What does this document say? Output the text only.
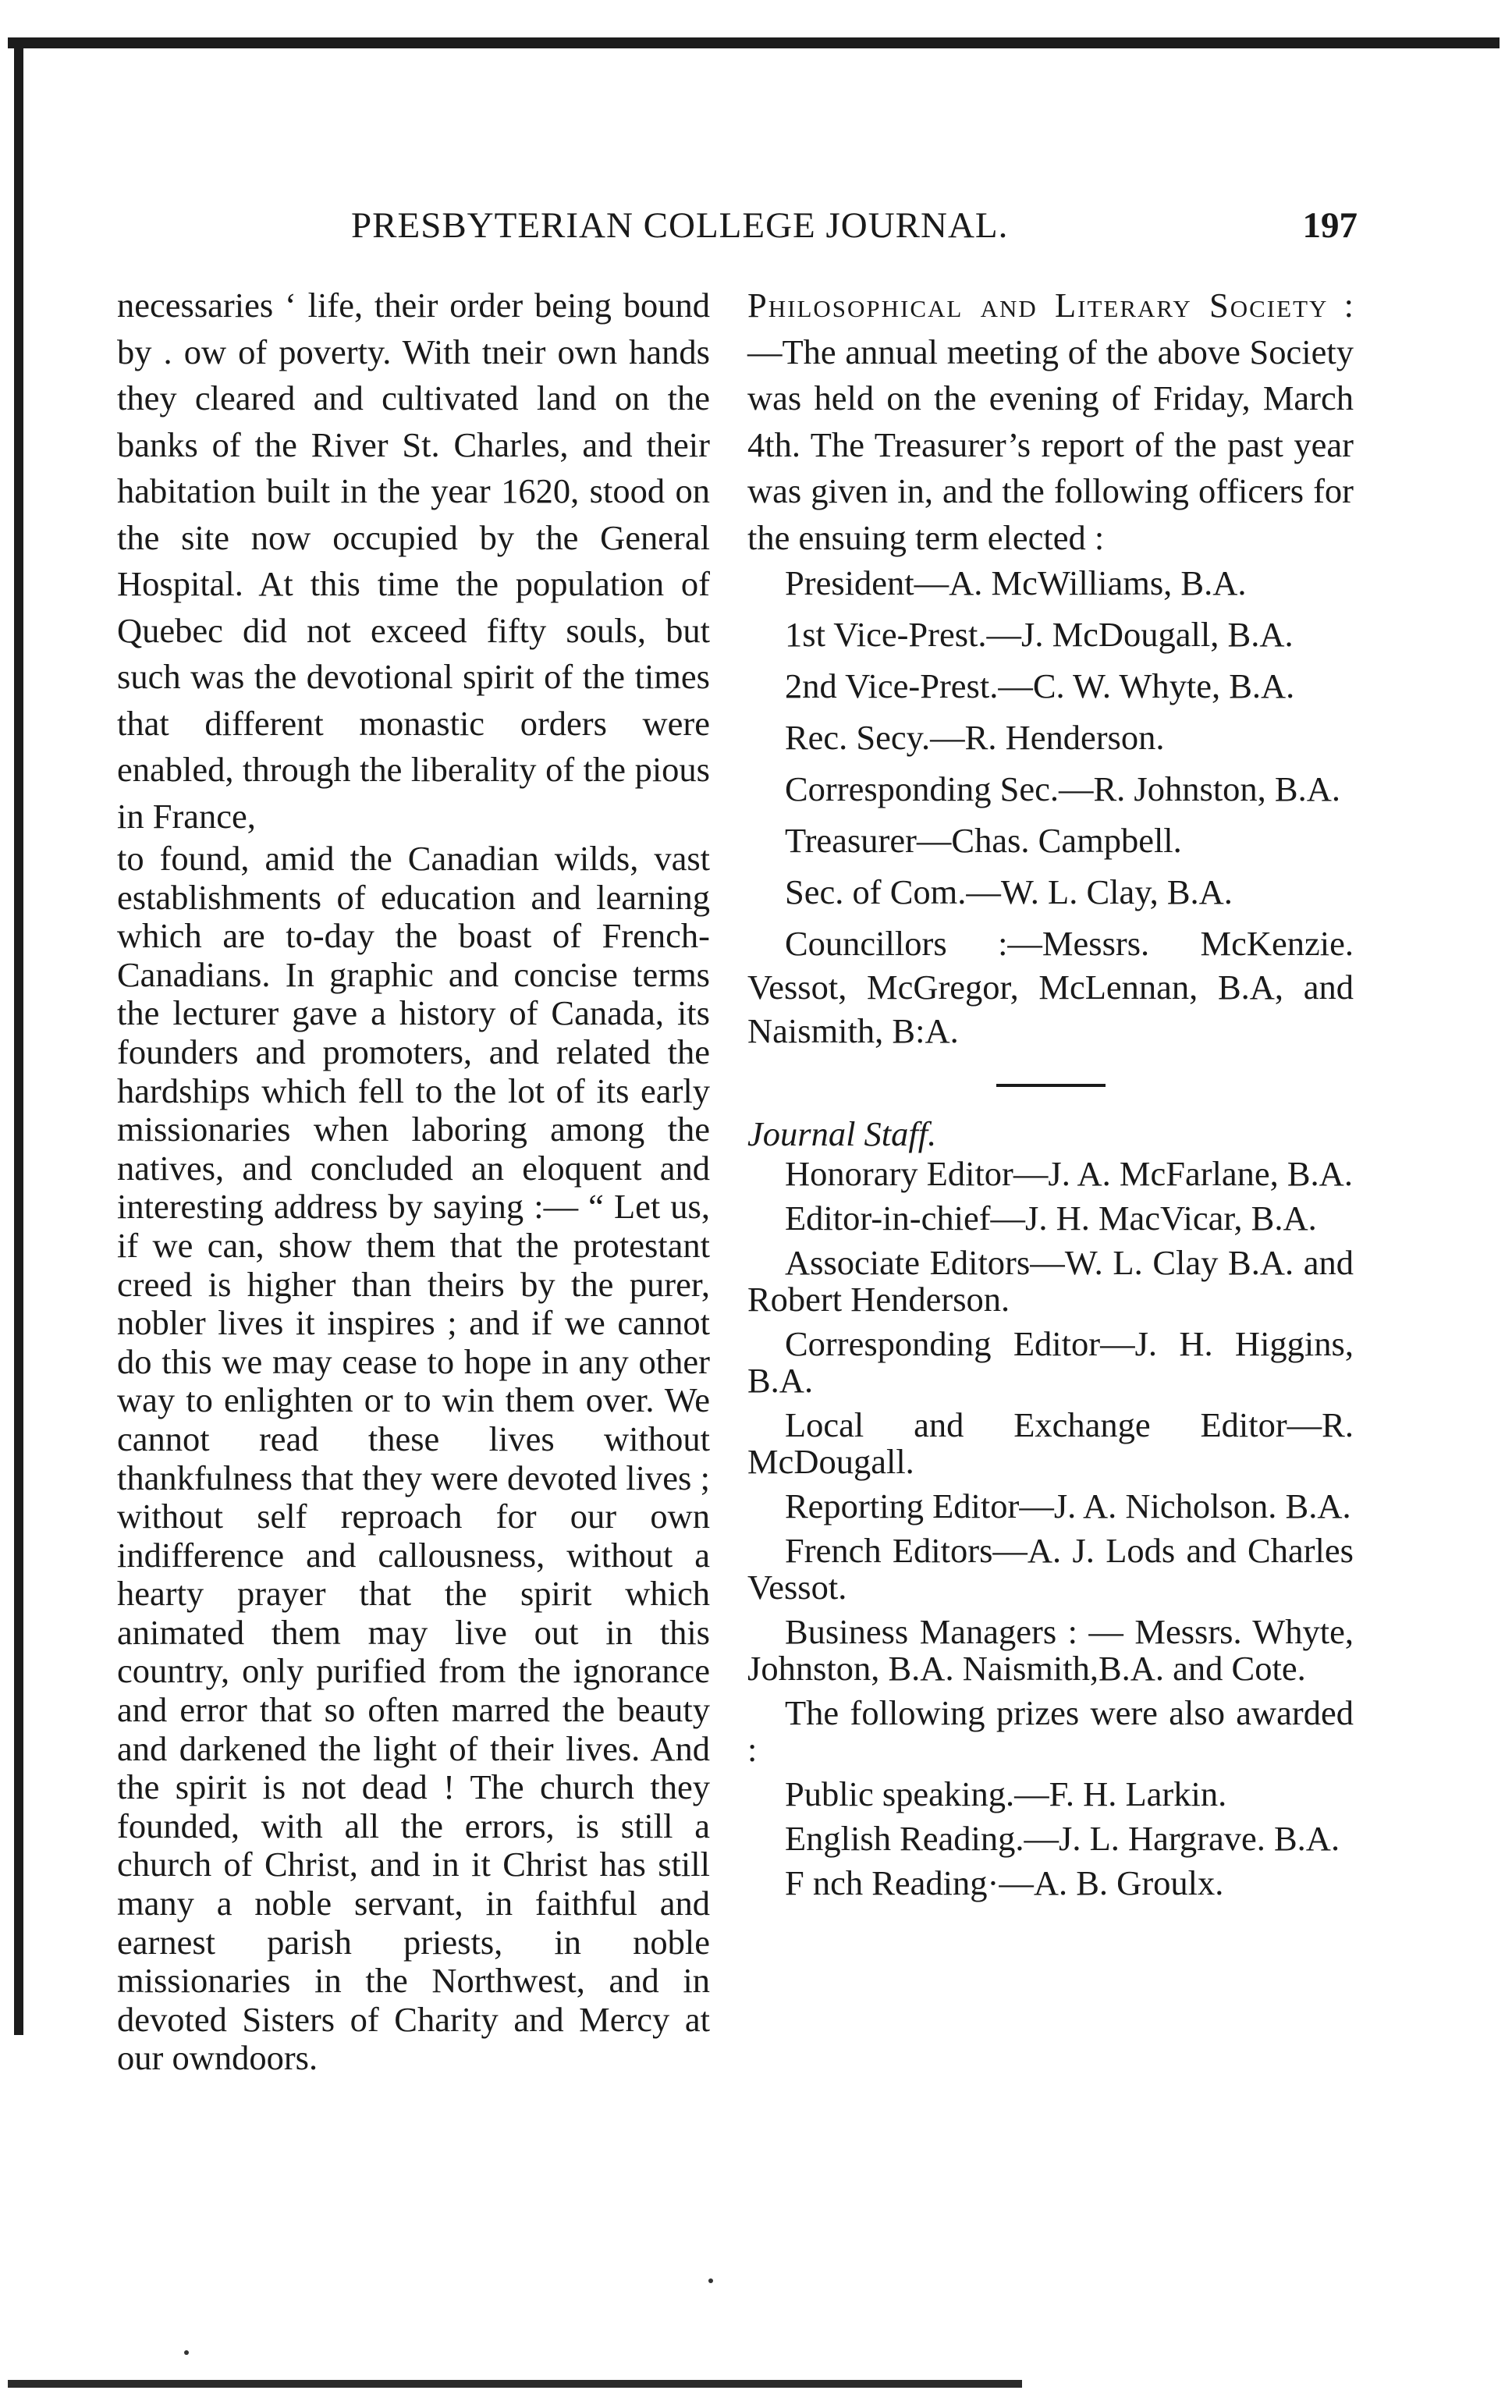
PRESBYTERIAN COLLEGE JOURNAL.	197

necessaries ‘ life, their order being bound by . ow of poverty. With tneir own hands they cleared and cultivated land on the banks of the River St. Charles, and their habitation built in the year 1620, stood on the site now occupied by the General Hospital. At this time the population of Quebec did not exceed fifty souls, but such was the devotional spirit of the times that different monastic orders were enabled, through the liberality of the pious in France,

to found, amid the Canadian wilds, vast establishments of education and learning which are to-day the boast of French-Canadians. In graphic and concise terms the lecturer gave a history of Canada, its founders and promoters, and related the hardships which fell to the lot of its early missionaries when laboring among the natives, and concluded an eloquent and interesting address by saying :— “ Let us, if we can, show them that the protestant creed is higher than theirs by the purer, nobler lives it inspires ; and if we cannot do this we may cease to hope in any other way to enlighten or to win them over. We cannot read these lives without thankfulness that they were devoted lives ; without self reproach for our own indifference and callousness, without a hearty prayer that the spirit which animated them may live out in this country, only purified from the ignorance and error that so often marred the beauty and darkened the light of their lives. And the spirit is not dead ! The church they founded, with all the errors, is still a church of Christ, and in it Christ has still many a noble servant, in faithful and earnest parish priests, in noble missionaries in the Northwest, and in devoted Sisters of Charity and Mercy at our owndoors.

Philosophical and Literary Society :—The annual meeting of the above Society was held on the evening of Friday, March 4th. The Treasurer’s report of the past year was given in, and the following officers for the ensuing term elected :

President—A. McWilliams, B.A.

1st Vice-Prest.—J. McDougall, B.A.

2nd Vice-Prest.—C. W. Whyte, B.A.

Rec. Secy.—R. Henderson.

Corresponding Sec.—R. Johnston, B.A.

Treasurer—Chas. Campbell.

Sec. of Com.—W. L. Clay, B.A.

Councillors :—Messrs. McKenzie. Vessot, McGregor, McLennan, B.A, and Naismith, B:A.

Journal Staff.

Honorary Editor—J. A. McFarlane, B.A.

Editor-in-chief—J. H. MacVicar, B.A.

Associate Editors—W. L. Clay B.A. and Robert Henderson.

Corresponding Editor—J. H. Higgins, B.A.

Local and Exchange Editor—R. McDougall.

Reporting Editor—J. A. Nicholson. B.A.

French Editors—A. J. Lods and Charles Vessot.

Business Managers : — Messrs. Whyte, Johnston, B.A. Naismith,B.A. and Cote.

The following prizes were also awarded :

Public speaking.—F. H. Larkin.

English Reading.—J. L. Hargrave. B.A.

F nch Reading·—A. B. Groulx.
